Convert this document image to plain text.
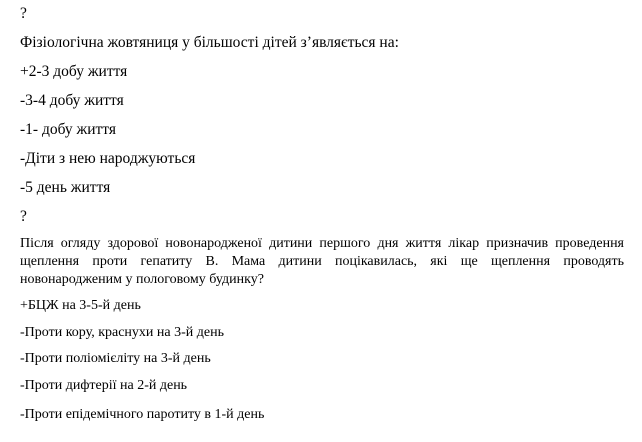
?
Фізіологічна жовтяниця у більшості дітей з’являється на:
+2-3 добу життя
-3-4 добу життя
-1- добу життя
-Діти з нею народжуються
-5 день життя
?
Після огляду здорової новонародженої дитини першого дня життя лікар призначив проведення щеплення проти гепатиту В. Мама дитини поцікавилась, які ще щеплення проводять новонародженим у пологовому будинку?
+БЦЖ на 3-5-й день
-Проти кору, краснухи на 3-й день
-Проти поліомієліту на 3-й день
-Проти дифтерії на 2-й день
-Проти епідемічного паротиту в 1-й день
